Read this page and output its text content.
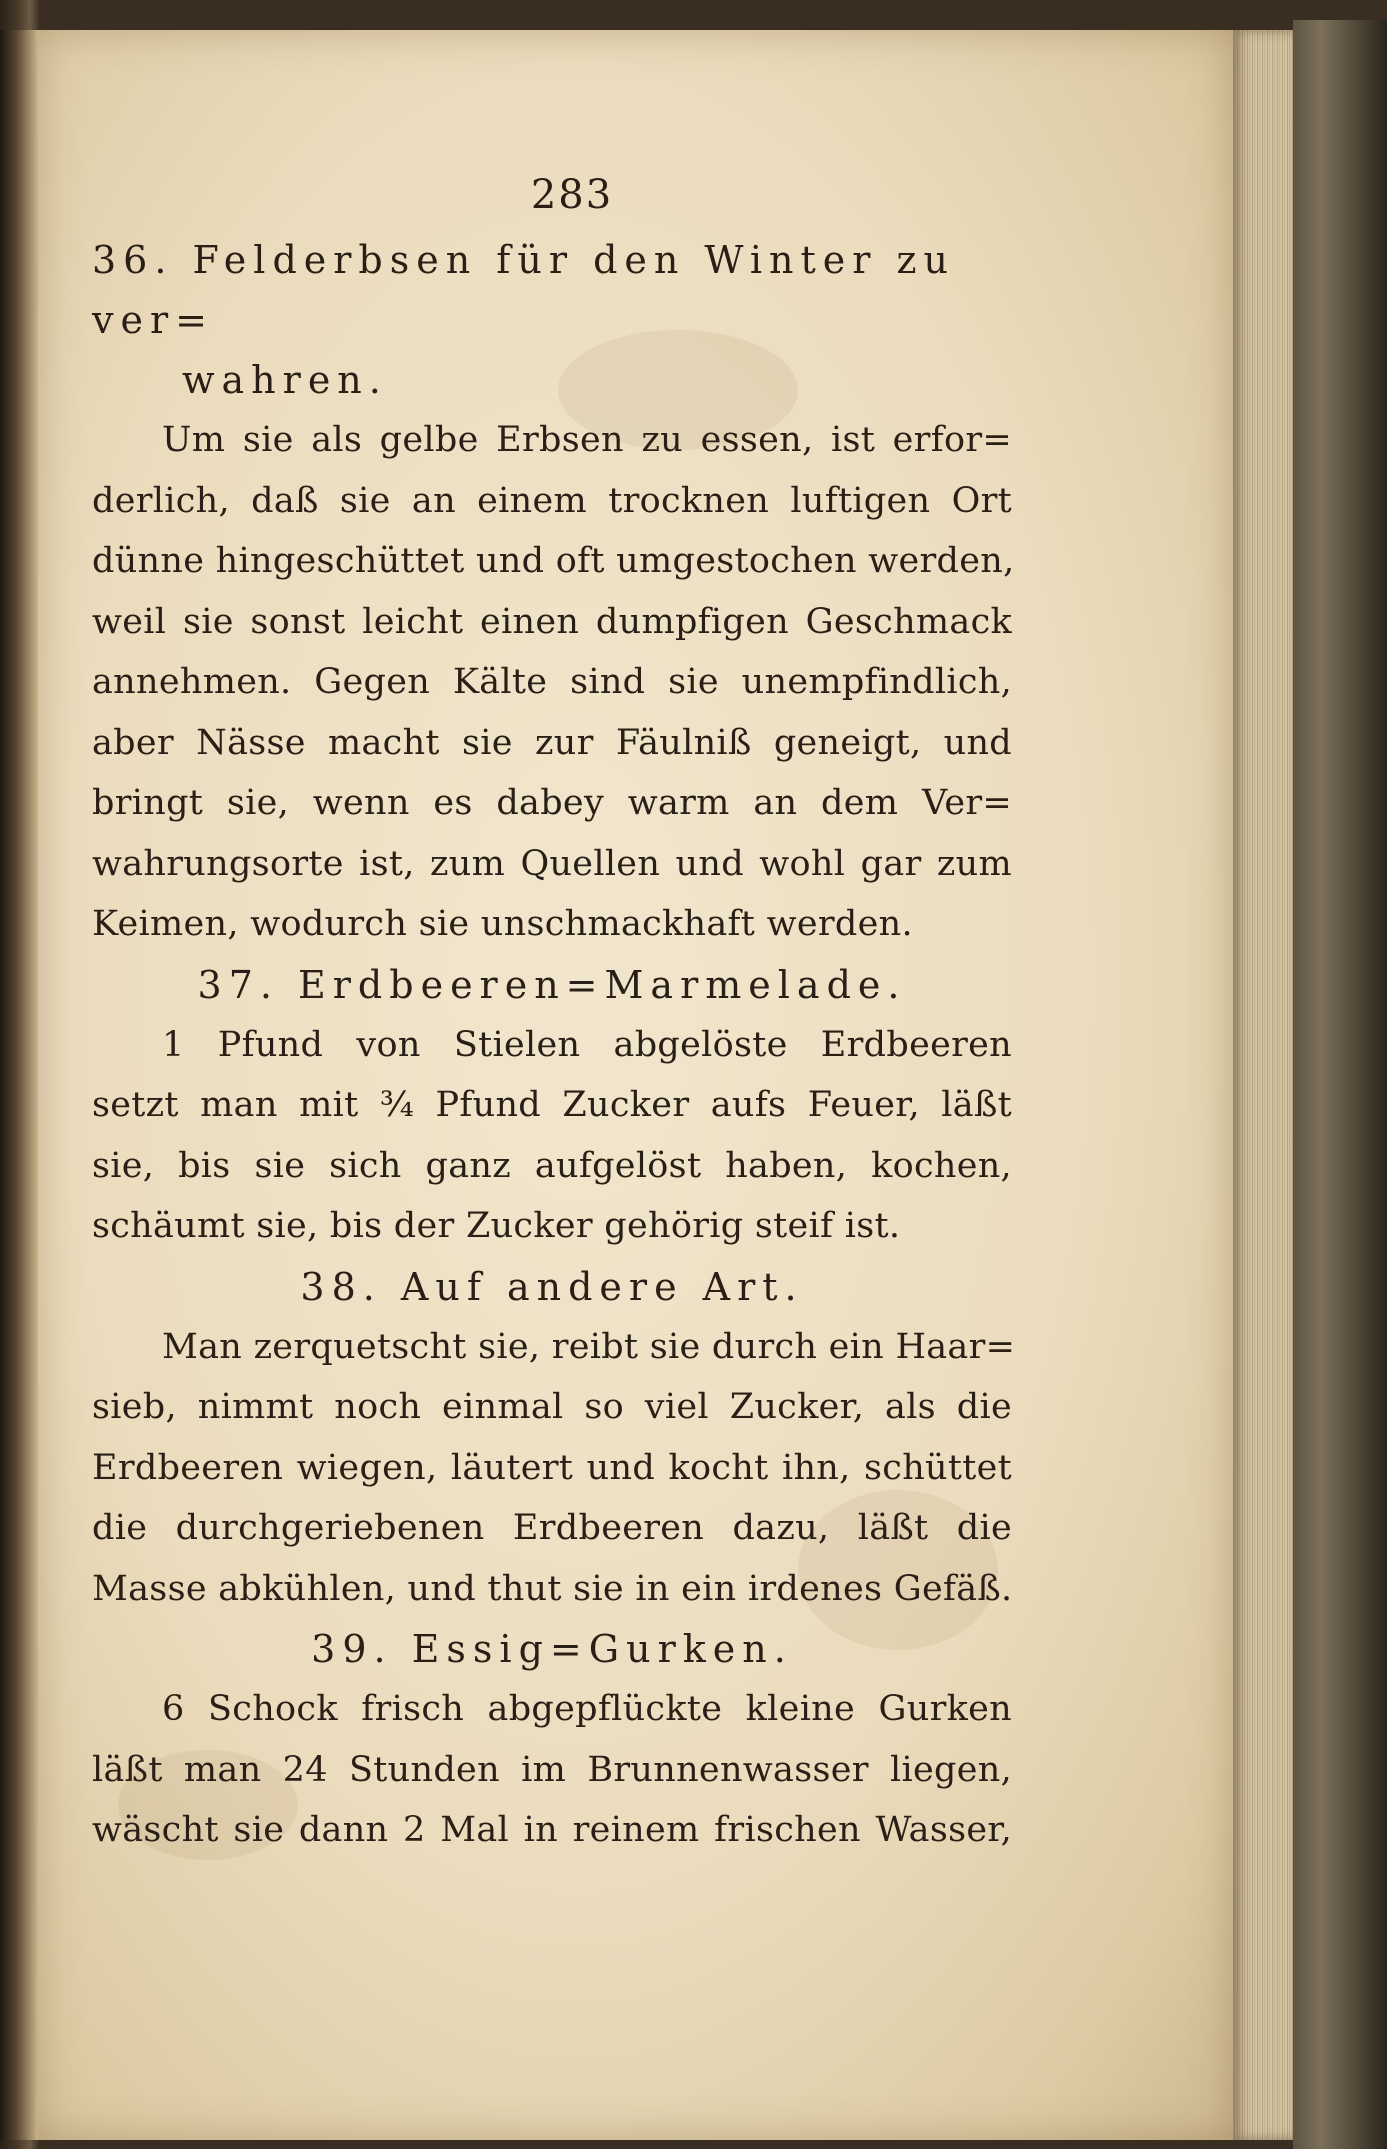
283

36. Felderbsen für den Winter zu ver=

wahren.

Um sie als gelbe Erbsen zu essen, ist erfor=
derlich, daß sie an einem trocknen luftigen Ort
dünne hingeschüttet und oft umgestochen werden,
weil sie sonst leicht einen dumpfigen Geschmack
annehmen. Gegen Kälte sind sie unempfindlich,
aber Nässe macht sie zur Fäulniß geneigt, und
bringt sie, wenn es dabey warm an dem Ver=
wahrungsorte ist, zum Quellen und wohl gar zum
Keimen, wodurch sie unschmackhaft werden.

37. Erdbeeren=Marmelade.

1 Pfund von Stielen abgelöste Erdbeeren
setzt man mit ¾ Pfund Zucker aufs Feuer, läßt
sie, bis sie sich ganz aufgelöst haben, kochen,
schäumt sie, bis der Zucker gehörig steif ist.

38. Auf andere Art.

Man zerquetscht sie, reibt sie durch ein Haar=
sieb, nimmt noch einmal so viel Zucker, als die
Erdbeeren wiegen, läutert und kocht ihn, schüttet
die durchgeriebenen Erdbeeren dazu, läßt die
Masse abkühlen, und thut sie in ein irdenes Gefäß.

39. Essig=Gurken.

6 Schock frisch abgepflückte kleine Gurken
läßt man 24 Stunden im Brunnenwasser liegen,
wäscht sie dann 2 Mal in reinem frischen Wasser,
